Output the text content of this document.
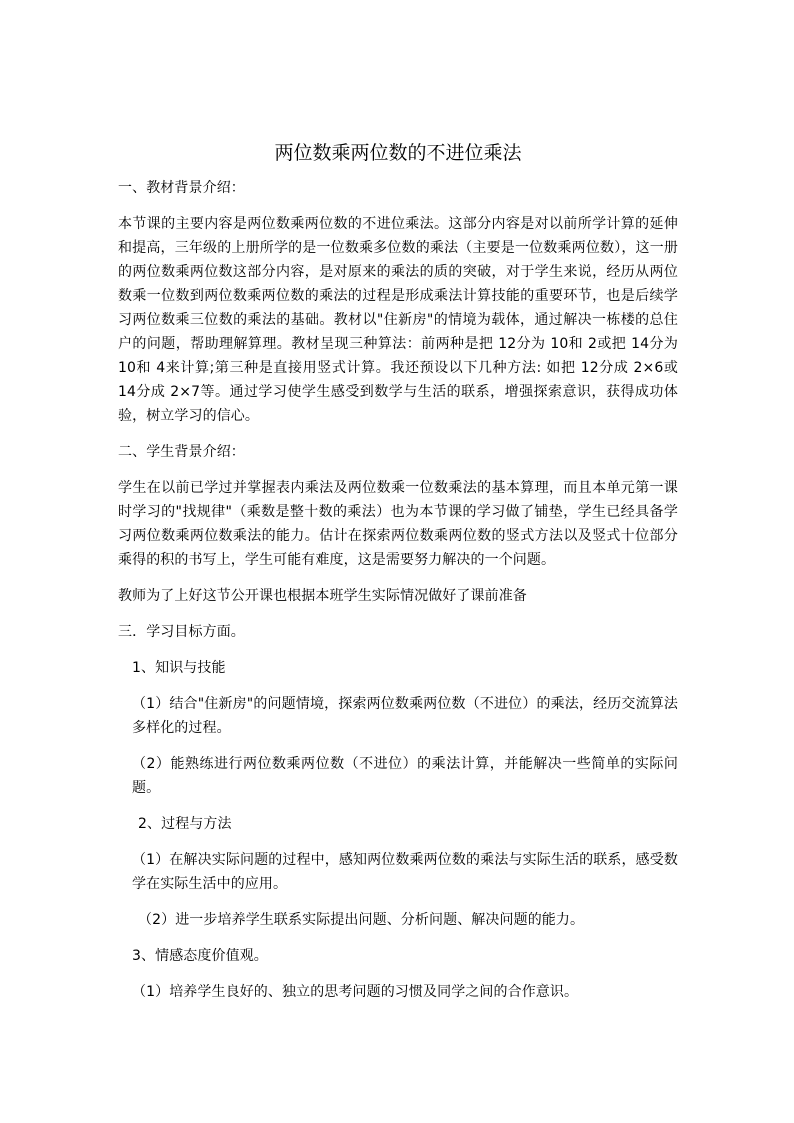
两位数乘两位数的不进位乘法

一、教材背景介绍：

本节课的主要内容是两位数乘两位数的不进位乘法。这部分内容是对以前所学计算的延伸和提高，三年级的上册所学的是一位数乘多位数的乘法（主要是一位数乘两位数），这一册的两位数乘两位数这部分内容，是对原来的乘法的质的突破，对于学生来说，经历从两位数乘一位数到两位数乘两位数的乘法的过程是形成乘法计算技能的重要环节，也是后续学习两位数乘三位数的乘法的基础。教材以"住新房"的情境为载体，通过解决一栋楼的总住户的问题，帮助理解算理。教材呈现三种算法：前两种是把 12分为 10和 2或把 14分为 10和 4来计算;第三种是直接用竖式计算。我还预设以下几种方法: 如把 12分成 2×6或 14分成 2×7等。通过学习使学生感受到数学与生活的联系，增强探索意识，获得成功体验，树立学习的信心。

二、学生背景介绍：

学生在以前已学过并掌握表内乘法及两位数乘一位数乘法的基本算理，而且本单元第一课时学习的"找规律"（乘数是整十数的乘法）也为本节课的学习做了铺垫，学生已经具备学习两位数乘两位数乘法的能力。估计在探索两位数乘两位数的竖式方法以及竖式十位部分乘得的积的书写上，学生可能有难度，这是需要努力解决的一个问题。

教师为了上好这节公开课也根据本班学生实际情况做好了课前准备

三．学习目标方面。

1、知识与技能

（1）结合"住新房"的问题情境，探索两位数乘两位数（不进位）的乘法，经历交流算法多样化的过程。

（2）能熟练进行两位数乘两位数（不进位）的乘法计算，并能解决一些简单的实际问题。

2、过程与方法

（1）在解决实际问题的过程中，感知两位数乘两位数的乘法与实际生活的联系，感受数学在实际生活中的应用。

（2）进一步培养学生联系实际提出问题、分析问题、解决问题的能力。

3、情感态度价值观。

（1）培养学生良好的、独立的思考问题的习惯及同学之间的合作意识。
